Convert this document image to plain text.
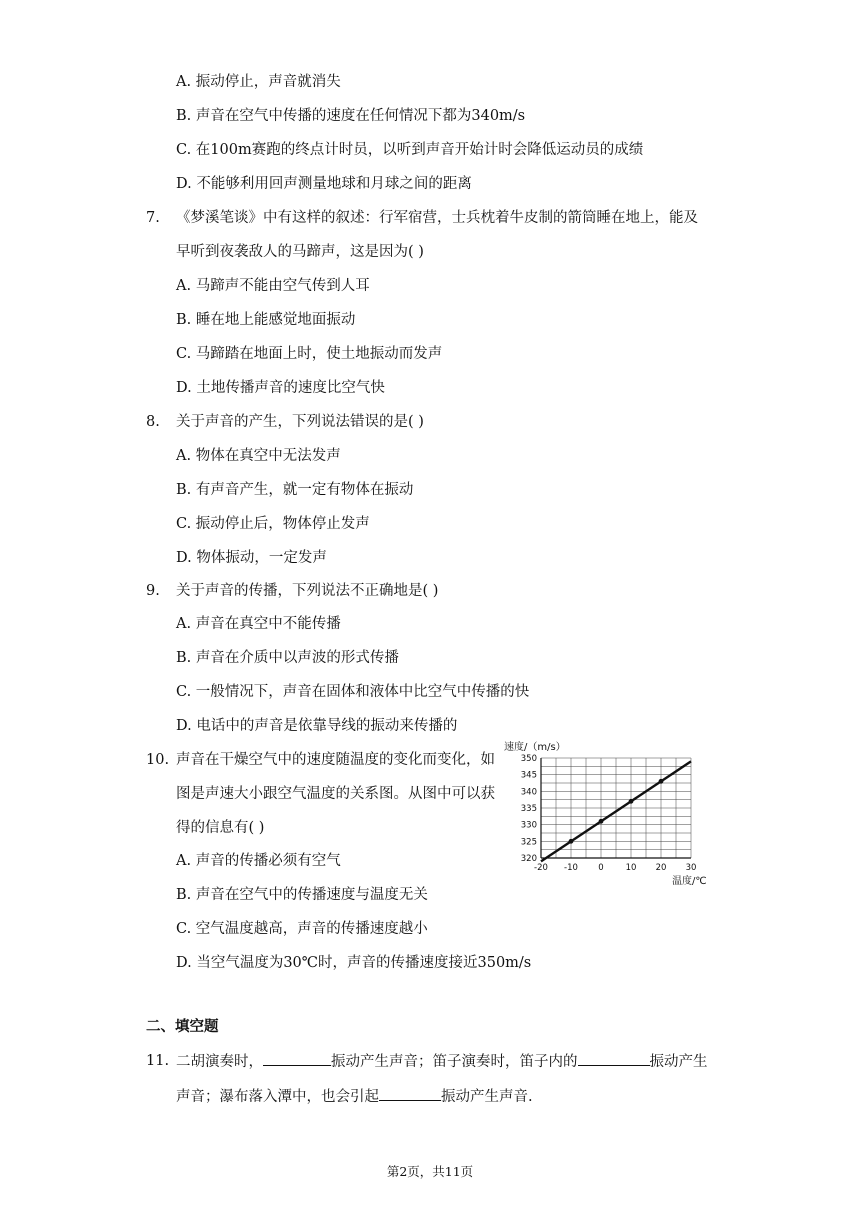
A. 振动停止，声音就消失
B. 声音在空气中传播的速度在任何情况下都为340m/s
C. 在100m赛跑的终点计时员，以听到声音开始计时会降低运动员的成绩
D. 不能够利用回声测量地球和月球之间的距离
7. 《梦溪笔谈》中有这样的叙述：行军宿营，士兵枕着牛皮制的箭筒睡在地上，能及
早听到夜袭敌人的马蹄声，这是因为( )
A. 马蹄声不能由空气传到人耳
B. 睡在地上能感觉地面振动
C. 马蹄踏在地面上时，使土地振动而发声
D. 土地传播声音的速度比空气快
8. 关于声音的产生，下列说法错误的是( )
A. 物体在真空中无法发声
B. 有声音产生，就一定有物体在振动
C. 振动停止后，物体停止发声
D. 物体振动，一定发声
9. 关于声音的传播，下列说法不正确地是( )
A. 声音在真空中不能传播
B. 声音在介质中以声波的形式传播
C. 一般情况下，声音在固体和液体中比空气中传播的快
D. 电话中的声音是依靠导线的振动来传播的
10. 声音在干燥空气中的速度随温度的变化而变化，如
图是声速大小跟空气温度的关系图。从图中可以获
得的信息有( )
A. 声音的传播必须有空气
B. 声音在空气中的传播速度与温度无关
C. 空气温度越高，声音的传播速度越小
D. 当空气温度为30℃时，声音的传播速度接近350m/s
-20 -10 0	10 20 30
320
325
330
335
340
345
350
速度/（m/s）
温度/℃
二、填空题
11. 二胡演奏时，	振动产生声音；笛子演奏时，笛子内的	振动产生
声音；瀑布落入潭中，也会引起	振动产生声音.
第2页，共11页
